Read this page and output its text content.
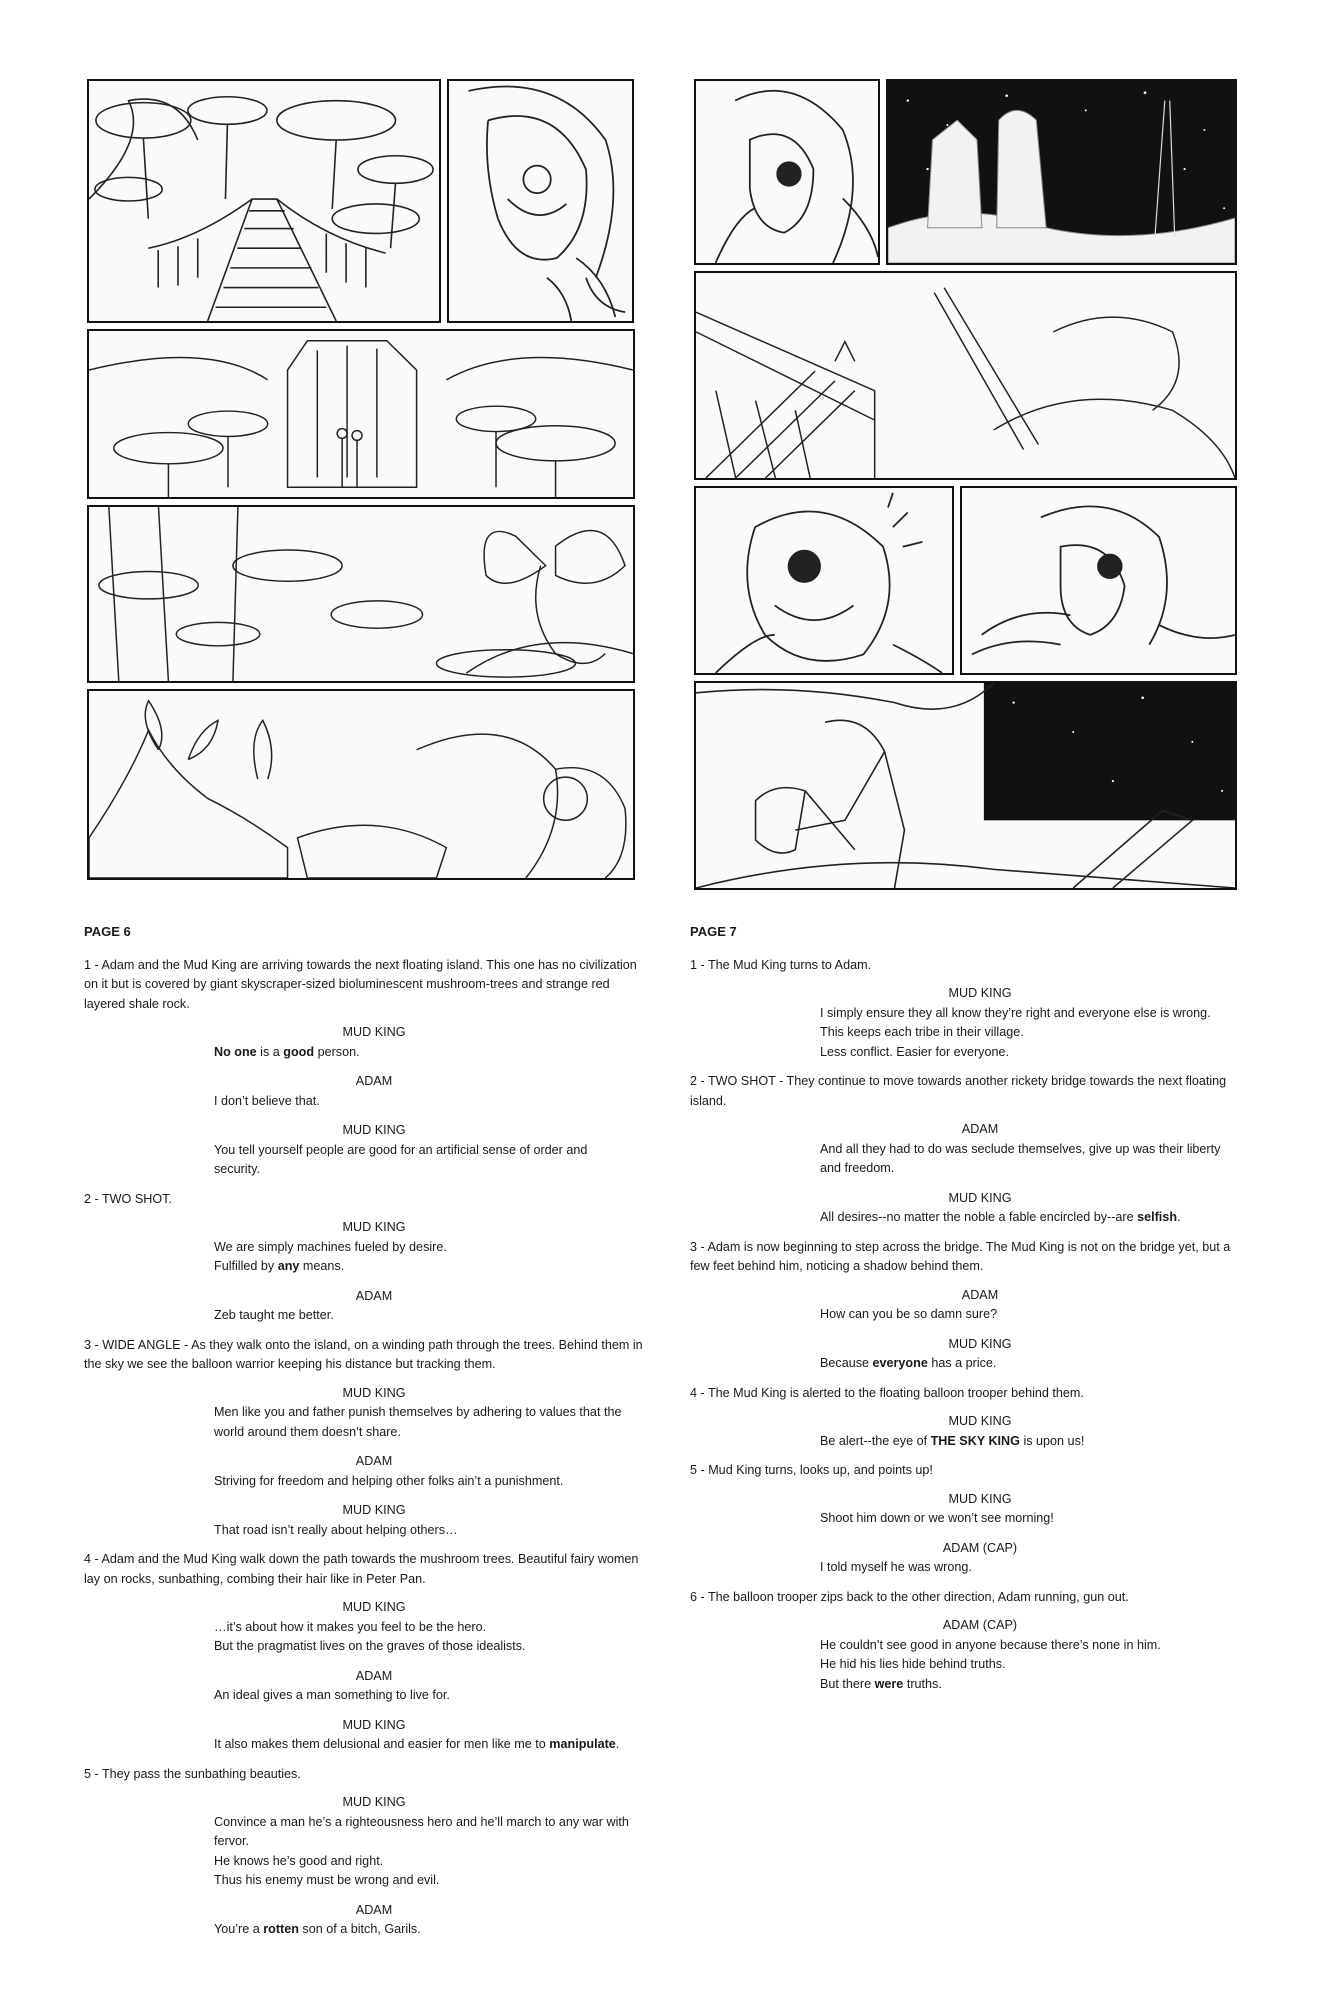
PAGE 6

1 - Adam and the Mud King are arriving towards the next floating island. This one has no civilization on it but is covered by giant skyscraper-sized bioluminescent mushroom-trees and strange red layered shale rock.

MUD KING

No one is a good person.

ADAM

I don’t believe that.

MUD KING

You tell yourself people are good for an artificial sense of order and security.

2 - TWO SHOT.

MUD KING

We are simply machines fueled by desire.
Fulfilled by any means.

ADAM

Zeb taught me better.

3 - WIDE ANGLE - As they walk onto the island, on a winding path through the trees. Behind them in the sky we see the balloon warrior keeping his distance but tracking them.

MUD KING

Men like you and father punish themselves by adhering to values that the world around them doesn’t share.

ADAM

Striving for freedom and helping other folks ain’t a punishment.

MUD KING

That road isn’t really about helping others…

4 - Adam and the Mud King walk down the path towards the mushroom trees. Beautiful fairy women lay on rocks, sunbathing, combing their hair like in Peter Pan.

MUD KING

…it’s about how it makes you feel to be the hero.
But the pragmatist lives on the graves of those idealists.

ADAM

An ideal gives a man something to live for.

MUD KING

It also makes them delusional and easier for men like me to manipulate.

5 - They pass the sunbathing beauties.

MUD KING

Convince a man he’s a righteousness hero and he’ll march to any war with fervor.
He knows he’s good and right.
Thus his enemy must be wrong and evil.

ADAM

You’re a rotten son of a bitch, Garils.

PAGE 7

1 - The Mud King turns to Adam.

MUD KING

I simply ensure they all know they’re right and everyone else is wrong.
This keeps each tribe in their village.
Less conflict. Easier for everyone.

2 - TWO SHOT - They continue to move towards another rickety bridge towards the next floating island.

ADAM

And all they had to do was seclude themselves, give up was their liberty and freedom.

MUD KING

All desires--no matter the noble a fable encircled by--are selfish.

3 - Adam is now beginning to step across the bridge. The Mud King is not on the bridge yet, but a few feet behind him, noticing a shadow behind them.

ADAM

How can you be so damn sure?

MUD KING

Because everyone has a price.

4 - The Mud King is alerted to the floating balloon trooper behind them.

MUD KING

Be alert--the eye of THE SKY KING is upon us!

5 - Mud King turns, looks up, and points up!

MUD KING

Shoot him down or we won’t see morning!

ADAM (CAP)

I told myself he was wrong.

6 - The balloon trooper zips back to the other direction, Adam running, gun out.

ADAM (CAP)

He couldn’t see good in anyone because there’s none in him.
He hid his lies hide behind truths.
But there were truths.
